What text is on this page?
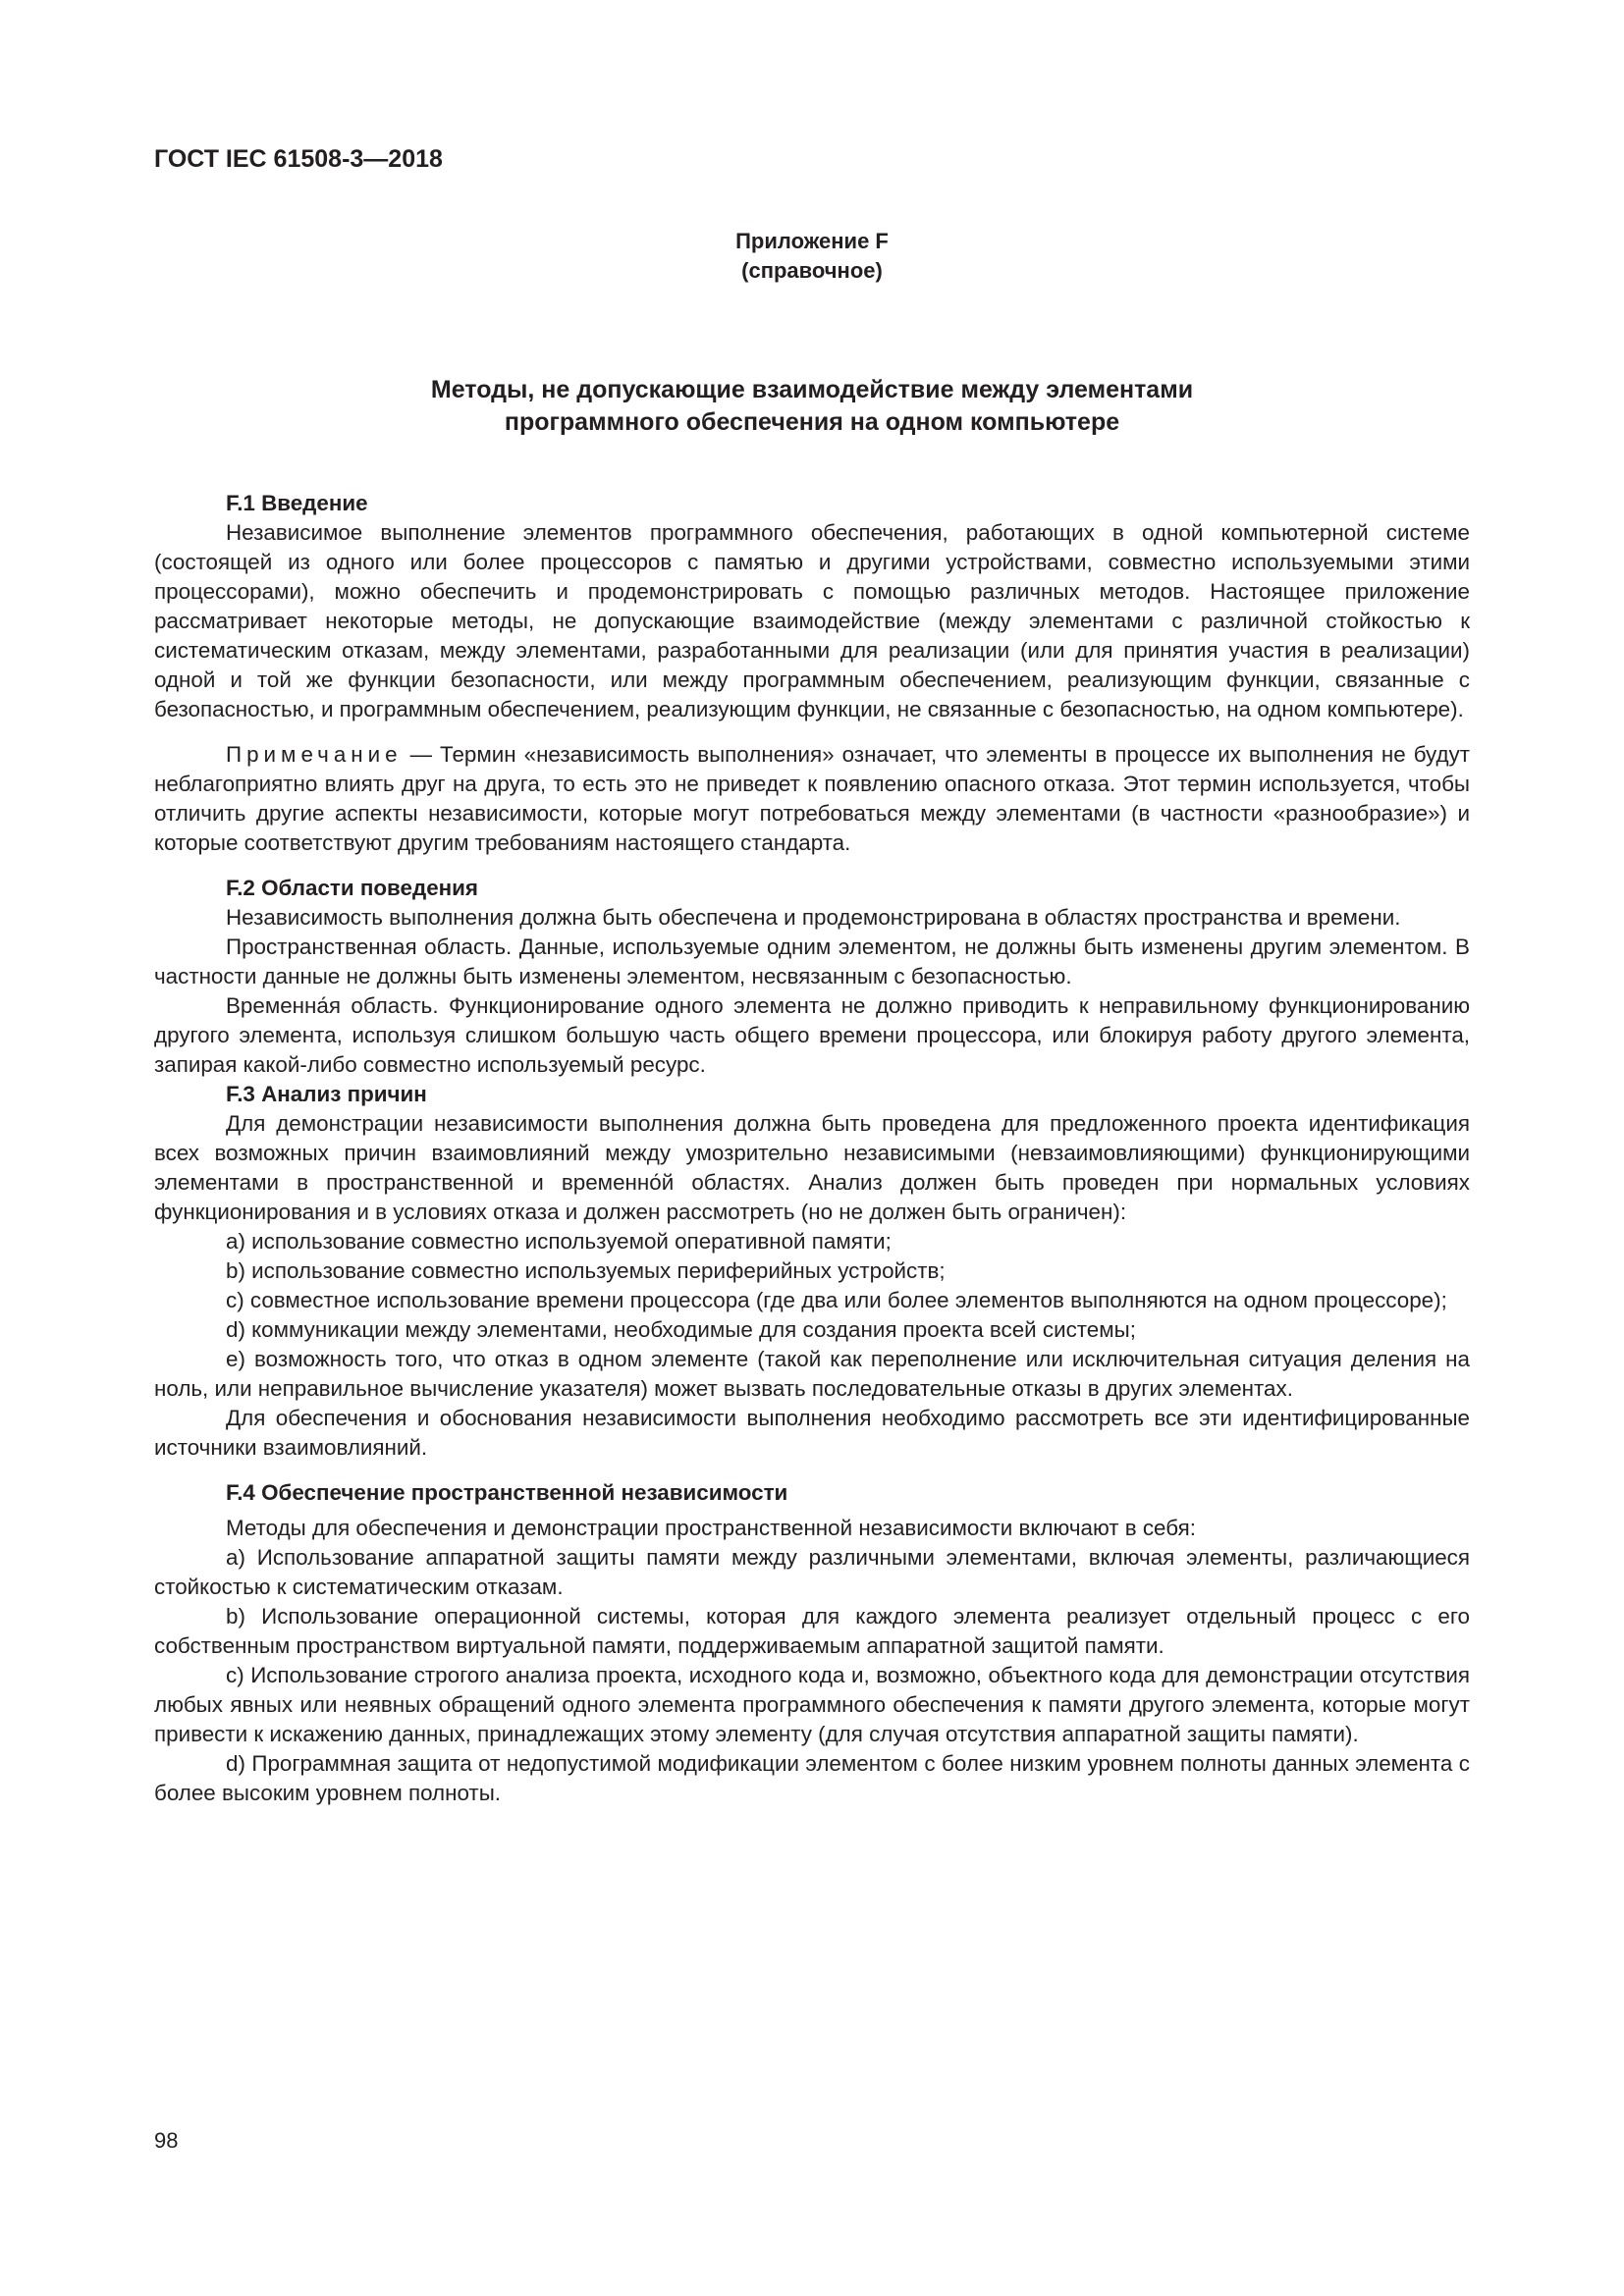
ГОСТ IEC 61508-3—2018
Приложение F
(справочное)
Методы, не допускающие взаимодействие между элементами
программного обеспечения на одном компьютере
F.1 Введение

Независимое выполнение элементов программного обеспечения, работающих в одной компьютерной системе (состоящей из одного или более процессоров с памятью и другими устройствами, совместно используемыми этими процессорами), можно обеспечить и продемонстрировать с помощью различных методов. Настоящее приложение рассматривает некоторые методы, не допускающие взаимодействие (между элементами с различной стойкостью к систематическим отказам, между элементами, разработанными для реализации (или для принятия участия в реализации) одной и той же функции безопасности, или между программным обеспечением, реализующим функции, связанные с безопасностью, и программным обеспечением, реализующим функции, не связанные с безопасностью, на одном компьютере).

Примечание — Термин «независимость выполнения» означает, что элементы в процессе их выполнения не будут неблагоприятно влиять друг на друга, то есть это не приведет к появлению опасного отказа. Этот термин используется, чтобы отличить другие аспекты независимости, которые могут потребоваться между элементами (в частности «разнообразие») и которые соответствуют другим требованиям настоящего стандарта.

F.2 Области поведения

Независимость выполнения должна быть обеспечена и продемонстрирована в областях пространства и времени.

Пространственная область. Данные, используемые одним элементом, не должны быть изменены другим элементом. В частности данные не должны быть изменены элементом, несвязанным с безопасностью.

Временна́я область. Функционирование одного элемента не должно приводить к неправильному функционированию другого элемента, используя слишком большую часть общего времени процессора, или блокируя работу другого элемента, запирая какой-либо совместно используемый ресурс.

F.3 Анализ причин

Для демонстрации независимости выполнения должна быть проведена для предложенного проекта идентификация всех возможных причин взаимовлияний между умозрительно независимыми (невзаимовлияющими) функционирующими элементами в пространственной и временно́й областях. Анализ должен быть проведен при нормальных условиях функционирования и в условиях отказа и должен рассмотреть (но не должен быть ограничен):

a) использование совместно используемой оперативной памяти;

b) использование совместно используемых периферийных устройств;

c) совместное использование времени процессора (где два или более элементов выполняются на одном процессоре);

d) коммуникации между элементами, необходимые для создания проекта всей системы;

e) возможность того, что отказ в одном элементе (такой как переполнение или исключительная ситуация деления на ноль, или неправильное вычисление указателя) может вызвать последовательные отказы в других элементах.

Для обеспечения и обоснования независимости выполнения необходимо рассмотреть все эти идентифицированные источники взаимовлияний.

F.4 Обеспечение пространственной независимости

Методы для обеспечения и демонстрации пространственной независимости включают в себя:

a) Использование аппаратной защиты памяти между различными элементами, включая элементы, различающиеся стойкостью к систематическим отказам.

b) Использование операционной системы, которая для каждого элемента реализует отдельный процесс с его собственным пространством виртуальной памяти, поддерживаемым аппаратной защитой памяти.

c) Использование строгого анализа проекта, исходного кода и, возможно, объектного кода для демонстрации отсутствия любых явных или неявных обращений одного элемента программного обеспечения к памяти другого элемента, которые могут привести к искажению данных, принадлежащих этому элементу (для случая отсутствия аппаратной защиты памяти).

d) Программная защита от недопустимой модификации элементом с более низким уровнем полноты данных элемента с более высоким уровнем полноты.

98
